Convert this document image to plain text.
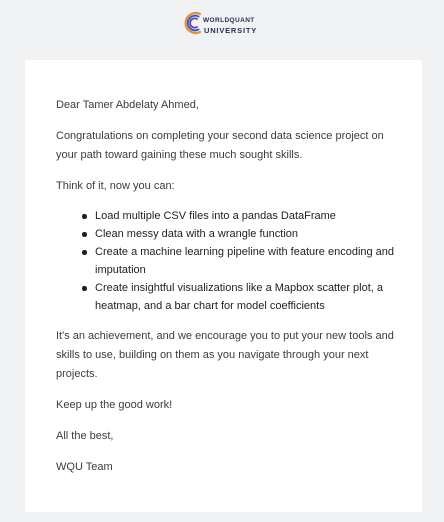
WORLDQUANT
UNIVERSITY

Dear Tamer Abdelaty Ahmed,

Congratulations on completing your second data science project on your path toward gaining these much sought skills.

Think of it, now you can:

Load multiple CSV files into a pandas DataFrame
Clean messy data with a wrangle function
Create a machine learning pipeline with feature encoding and imputation
Create insightful visualizations like a Mapbox scatter plot, a heatmap, and a bar chart for model coefficients

It's an achievement, and we encourage you to put your new tools and skills to use, building on them as you navigate through your next projects.

Keep up the good work!

All the best,

WQU Team
